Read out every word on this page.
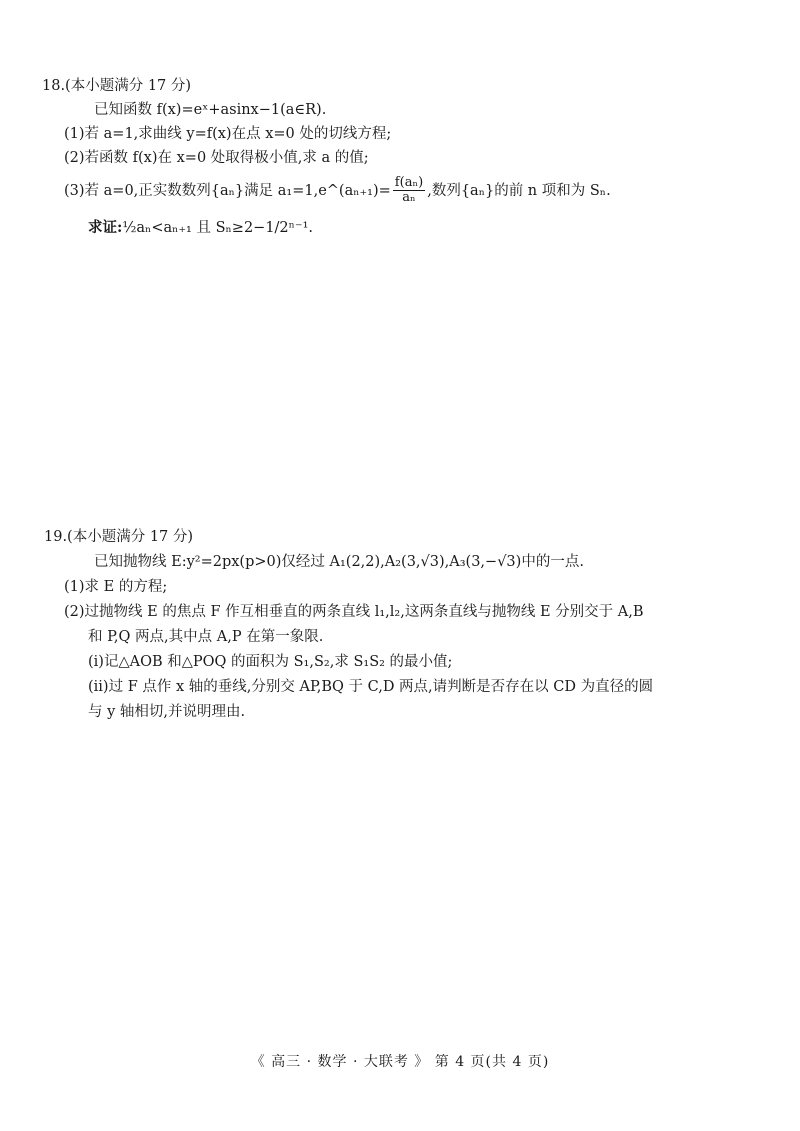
18.(本小题满分 17 分)
已知函数 f(x)=eˣ+asinx−1(a∈R).
(1)若 a=1,求曲线 y=f(x)在点 x=0 处的切线方程;
(2)若函数 f(x)在 x=0 处取得极小值,求 a 的值;
(3)若 a=0,正实数数列{aₙ}满足 a₁=1,e^(aₙ₊₁)= $\frac{\text{f(aₙ)}}{\text{aₙ}}$ ,数列{aₙ}的前 n 项和为 Sₙ.
求证:½aₙ<aₙ₊₁ 且 Sₙ≥2−1/2ⁿ⁻¹.
19.(本小题满分 17 分)
已知抛物线 E:y²=2px(p>0)仅经过 A₁(2,2),A₂(3,√3),A₃(3,−√3)中的一点.
(1)求 E 的方程;
(2)过抛物线 E 的焦点 F 作互相垂直的两条直线 l₁,l₂,这两条直线与抛物线 E 分别交于 A,B
和 P,Q 两点,其中点 A,P 在第一象限.
(ⅰ)记△AOB 和△POQ 的面积为 S₁,S₂,求 S₁S₂ 的最小值;
(ⅱ)过 F 点作 x 轴的垂线,分别交 AP,BQ 于 C,D 两点,请判断是否存在以 CD 为直径的圆
与 y 轴相切,并说明理由.
《 高三 · 数学 · 大联考 》 第 4 页(共 4 页)
